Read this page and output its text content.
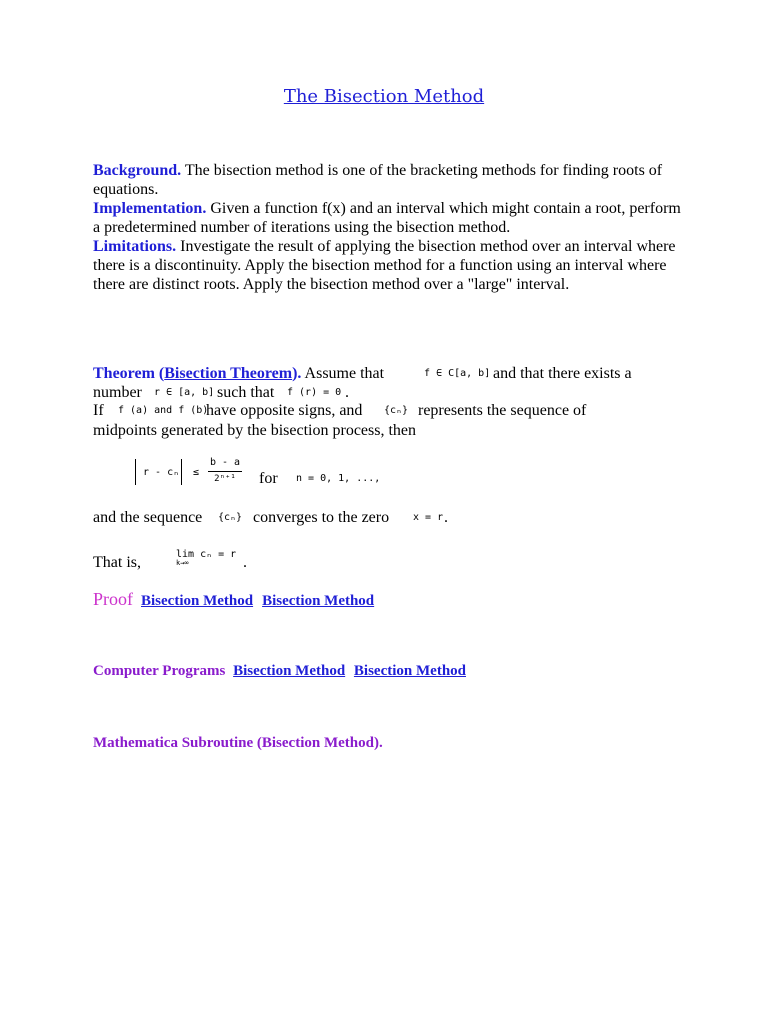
The Bisection Method
Background. The bisection method is one of the bracketing methods for finding roots of equations.
Implementation. Given a function f(x) and an interval which might contain a root, perform a predetermined number of iterations using the bisection method.
Limitations. Investigate the result of applying the bisection method over an interval where there is a discontinuity. Apply the bisection method for a function using an interval where there are distinct roots. Apply the bisection method over a "large" interval.
Theorem (Bisection Theorem). Assume that	f ∈ C[a, b] and that there exists a
number r ∈ [a, b] such that f (r) = 0 .
If f (a) and f (b)
have opposite signs, and {cₙ} represents the sequence of
midpoints generated by the bisection process, then
r - cₙ ≤
b - a
2ⁿ⁺¹	for n = 0, 1, ...,
and the sequence {cₙ} converges to the zero x = r .
That is,	lim cₙ = r
k→∞	.
Proof Bisection Method Bisection Method
Computer Programs Bisection Method Bisection Method
Mathematica Subroutine (Bisection Method).
